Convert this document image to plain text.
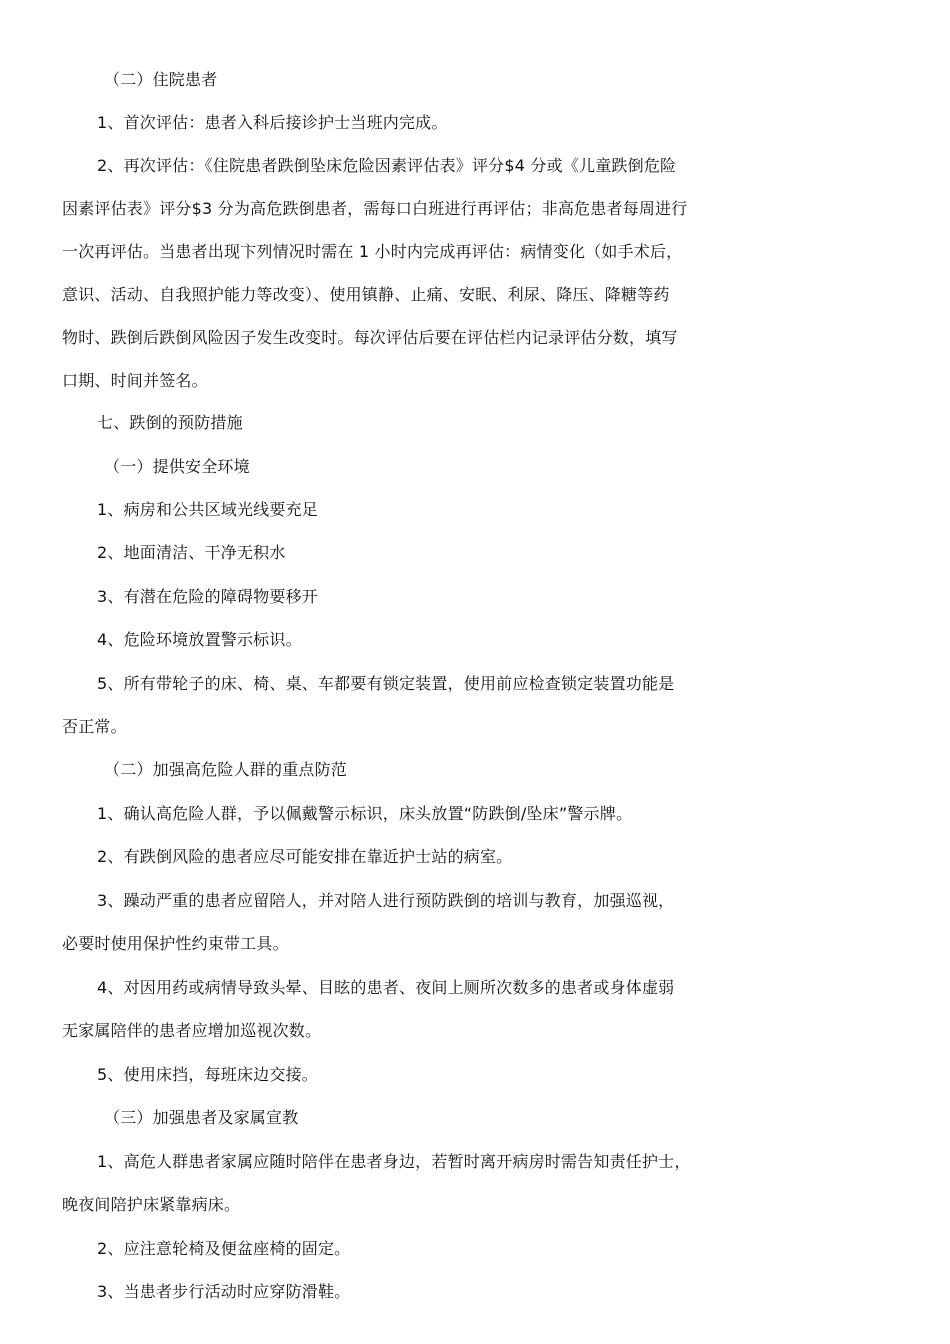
（二）住院患者
1、首次评估：患者入科后接诊护士当班内完成。
2、再次评估：《住院患者跌倒坠床危险因素评估表》评分$4 分或《儿童跌倒危险
因素评估表》评分$3 分为高危跌倒患者，需每口白班进行再评估；非高危患者每周进行
一次再评估。当患者出现卞列情况时需在 1 小时内完成再评估：病情变化（如手术后，
意识、活动、自我照护能力等改变）、使用镇静、止痛、安眠、利尿、降压、降糖等药
物时、跌倒后跌倒风险因子发生改变时。每次评估后要在评估栏内记录评估分数，填写
口期、时间并签名。
七、跌倒的预防措施
（一）提供安全环境
1、病房和公共区域光线要充足
2、地面清洁、干净无积水
3、有潜在危险的障碍物要移开
4、危险环境放置警示标识。
5、所有带轮子的床、椅、桌、车都要有锁定装置，使用前应检查锁定装置功能是
否正常。
（二）加强高危险人群的重点防范
1、确认高危险人群，予以佩戴警示标识，床头放置“防跌倒/坠床”警示牌。
2、有跌倒风险的患者应尽可能安排在靠近护士站的病室。
3、躁动严重的患者应留陪人，并对陪人进行预防跌倒的培训与教育，加强巡视，
必要时使用保护性约束带工具。
4、对因用药或病情导致头晕、目眩的患者、夜间上厕所次数多的患者或身体虚弱
无家属陪伴的患者应增加巡视次数。
5、使用床挡，每班床边交接。
（三）加强患者及家属宣教
1、高危人群患者家属应随时陪伴在患者身边，若暂时离开病房时需告知责任护士，
晚夜间陪护床紧靠病床。
2、应注意轮椅及便盆座椅的固定。
3、当患者步行活动时应穿防滑鞋。
